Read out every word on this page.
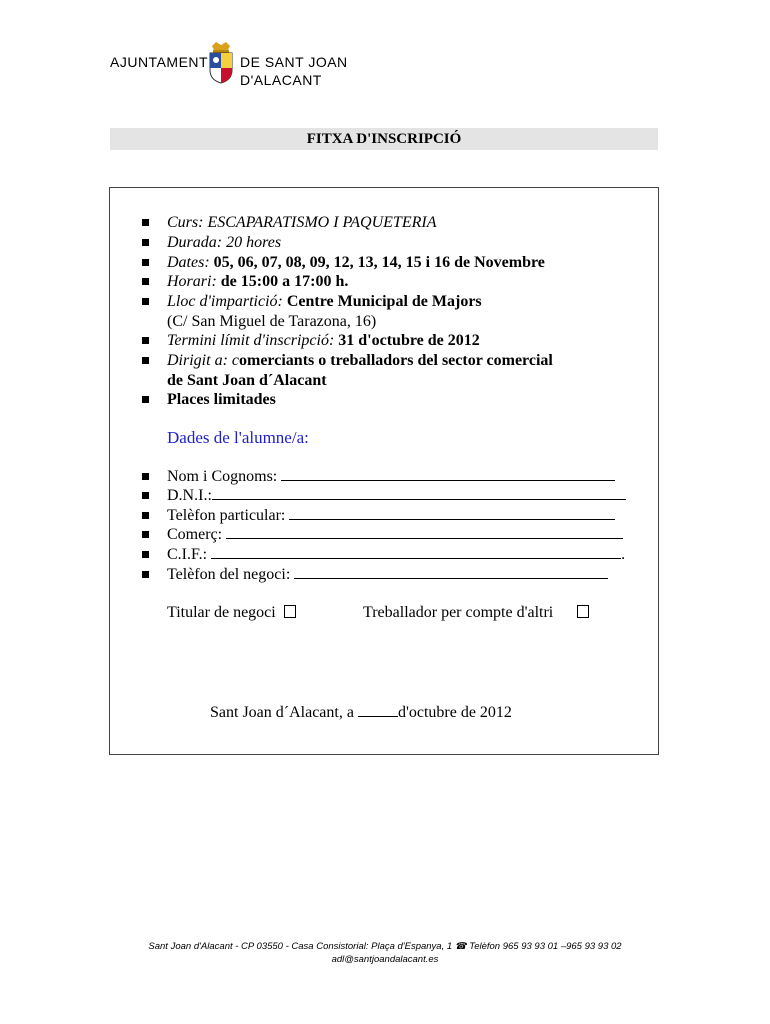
AJUNTAMENT DE SANT JOAN
D'ALACANT
FITXA D'INSCRIPCIÓ
Curs: ESCAPARATISMO I PAQUETERIA
Durada: 20 hores
Dates: 05, 06, 07, 08, 09, 12, 13, 14, 15 i 16 de Novembre
Horari: de 15:00 a 17:00 h.
Lloc d'impartició: Centre Municipal de Majors
(C/ San Miguel de Tarazona, 16)
Termini límit d'inscripció: 31 d'octubre de 2012
Dirigit a: comerciants o treballadors del sector comercial
de Sant Joan d´Alacant
Places limitades
Dades de l'alumne/a:
Nom i Cognoms:
D.N.I.:
Telèfon particular:
Comerç:
C.I.F.:	.
Telèfon del negoci:
Titular de negoci	Treballador per compte d'altri
Sant Joan d´Alacant, a	d'octubre de 2012
Sant Joan d'Alacant - CP 03550 - Casa Consistorial: Plaça d'Espanya, 1 ☎ Telèfon 965 93 93 01 –965 93 93 02
adl@santjoandalacant.es
